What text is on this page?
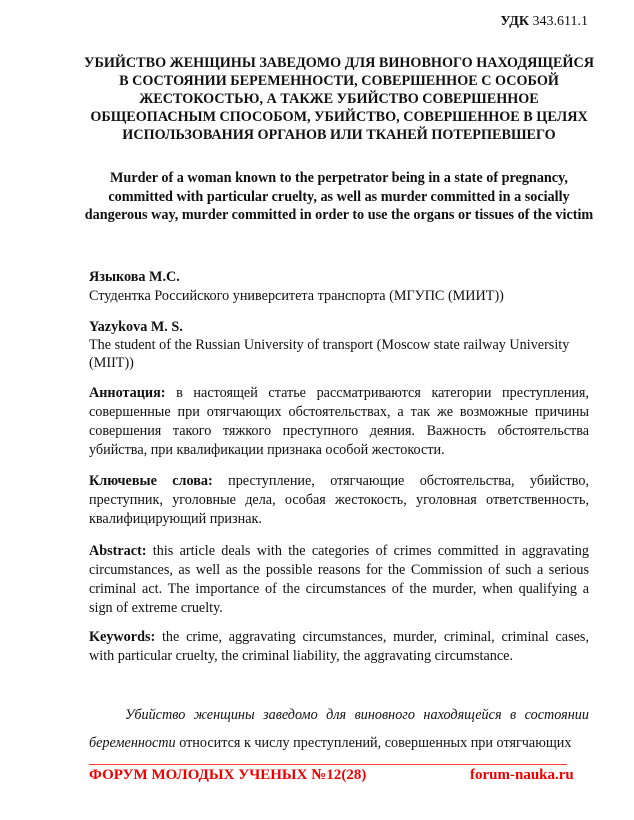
УДК 343.611.1
УБИЙСТВО ЖЕНЩИНЫ ЗАВЕДОМО ДЛЯ ВИНОВНОГО НАХОДЯЩЕЙСЯ В СОСТОЯНИИ БЕРЕМЕННОСТИ, СОВЕРШЕННОЕ С ОСОБОЙ ЖЕСТОКОСТЬЮ, А ТАКЖЕ УБИЙСТВО СОВЕРШЕННОЕ ОБЩЕОПАСНЫМ СПОСОБОМ, УБИЙСТВО, СОВЕРШЕННОЕ В ЦЕЛЯХ ИСПОЛЬЗОВАНИЯ ОРГАНОВ ИЛИ ТКАНЕЙ ПОТЕРПЕВШЕГО
Murder of a woman known to the perpetrator being in a state of pregnancy, committed with particular cruelty, as well as murder committed in a socially dangerous way, murder committed in order to use the organs or tissues of the victim
Языкова М.С.
Студентка Российского университета транспорта (МГУПС (МИИТ))
Yazykova M. S.
The student of the Russian University of transport (Moscow state railway University (MIIT))
Аннотация: в настоящей статье рассматриваются категории преступления, совершенные при отягчающих обстоятельствах, а так же возможные причины совершения такого тяжкого преступного деяния. Важность обстоятельства убийства, при квалификации признака особой жестокости.
Ключевые слова: преступление, отягчающие обстоятельства, убийство, преступник, уголовные дела, особая жестокость, уголовная ответственность, квалифицирующий признак.
Abstract: this article deals with the categories of crimes committed in aggravating circumstances, as well as the possible reasons for the Commission of such a serious criminal act. The importance of the circumstances of the murder, when qualifying a sign of extreme cruelty.
Keywords: the crime, aggravating circumstances, murder, criminal, criminal cases, with particular cruelty, the criminal liability, the aggravating circumstance.
Убийство женщины заведомо для виновного находящейся в состоянии беременности относится к числу преступлений, совершенных при отягчающих
ФОРУМ МОЛОДЫХ УЧЕНЫХ №12(28)	forum-nauka.ru
